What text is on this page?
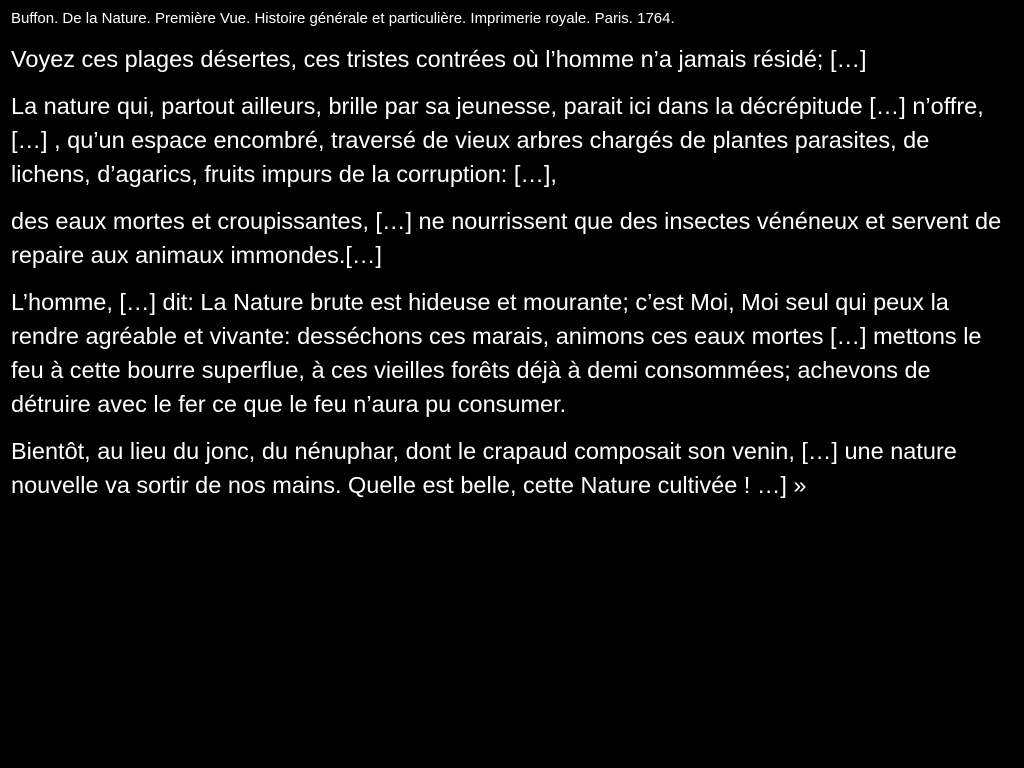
Buffon. De la Nature. Première Vue. Histoire générale et particulière. Imprimerie royale. Paris. 1764.

Voyez ces plages désertes, ces tristes contrées où l’homme n’a jamais résidé; […]

La nature qui, partout ailleurs, brille par sa jeunesse, parait ici dans la décrépitude […] n’offre, […] , qu’un espace encombré, traversé de vieux arbres chargés de plantes parasites, de lichens, d’agarics, fruits impurs de la corruption: […],

des eaux mortes et croupissantes, […] ne nourrissent que des insectes vénéneux et servent de repaire aux animaux immondes.[…]

L’homme, […] dit: La Nature brute est hideuse et mourante; c’est Moi, Moi seul qui peux la rendre agréable et vivante: desséchons ces marais, animons ces eaux mortes […] mettons le feu à cette bourre superflue, à ces vieilles forêts déjà à demi consommées; achevons de détruire avec le fer ce que le feu n’aura pu consumer.

Bientôt, au lieu du jonc, du nénuphar, dont le crapaud composait son venin, […] une nature nouvelle va sortir de nos mains. Quelle est belle, cette Nature cultivée ! …] »
